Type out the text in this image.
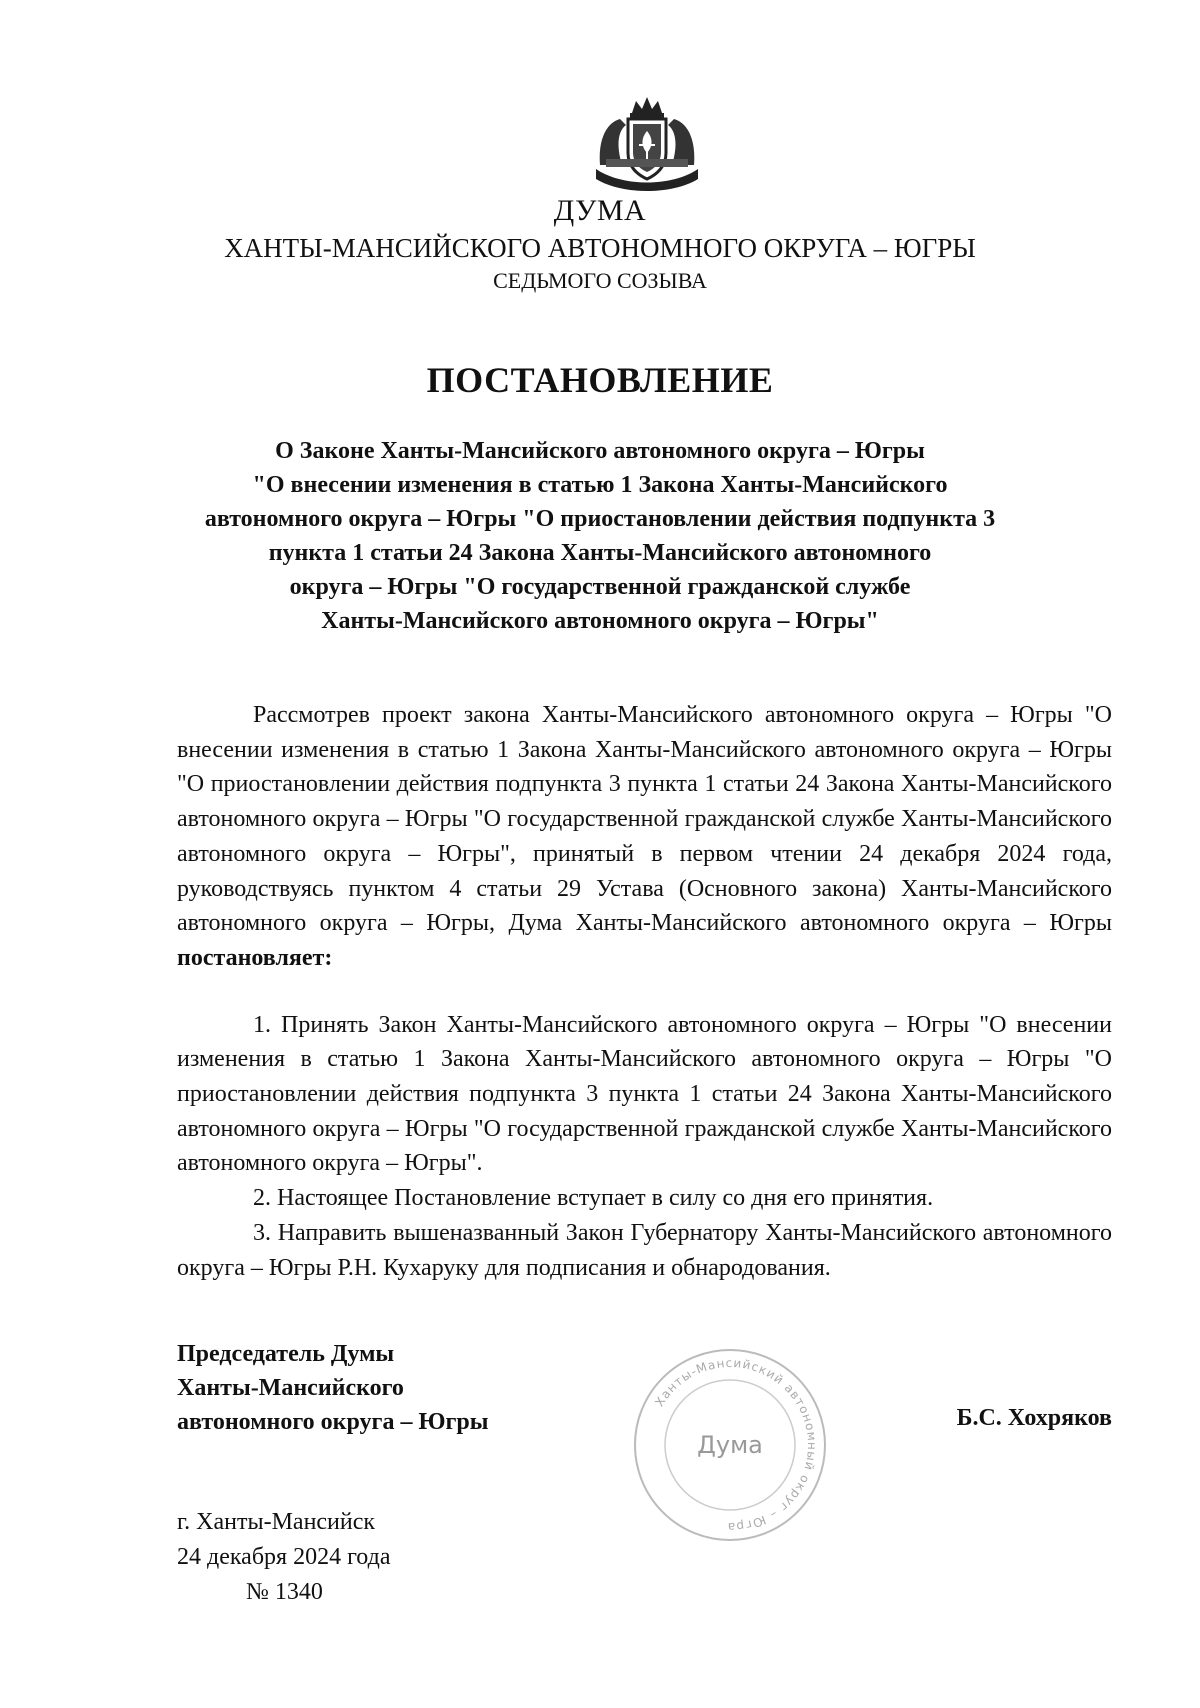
ДУМА
ХАНТЫ-МАНСИЙСКОГО АВТОНОМНОГО ОКРУГА – ЮГРЫ
СЕДЬМОГО СОЗЫВА
ПОСТАНОВЛЕНИЕ
О Законе Ханты-Мансийского автономного округа – Югры
"О внесении изменения в статью 1 Закона Ханты-Мансийского
автономного округа – Югры "О приостановлении действия подпункта 3
пункта 1 статьи 24 Закона Ханты-Мансийского автономного
округа – Югры "О государственной гражданской службе
Ханты-Мансийского автономного округа – Югры"

Рассмотрев проект закона Ханты-Мансийского автономного округа – Югры "О внесении изменения в статью 1 Закона Ханты-Мансийского автономного округа – Югры "О приостановлении действия подпункта 3 пункта 1 статьи 24 Закона Ханты-Мансийского автономного округа – Югры "О государственной гражданской службе Ханты-Мансийского автономного округа – Югры", принятый в первом чтении 24 декабря 2024 года, руководствуясь пунктом 4 статьи 29 Устава (Основного закона) Ханты-Мансийского автономного округа – Югры, Дума Ханты-Мансийского автономного округа – Югры постановляет:

1. Принять Закон Ханты-Мансийского автономного округа – Югры "О внесении изменения в статью 1 Закона Ханты-Мансийского автономного округа – Югры "О приостановлении действия подпункта 3 пункта 1 статьи 24 Закона Ханты-Мансийского автономного округа – Югры "О государственной гражданской службе Ханты-Мансийского автономного округа – Югры".

2. Настоящее Постановление вступает в силу со дня его принятия.

3. Направить вышеназванный Закон Губернатору Ханты-Мансийского автономного округа – Югры Р.Н. Кухаруку для подписания и обнародования.

Председатель Думы
Ханты-Мансийского
автономного округа – Югры
Ханты-Мансийский автономный округ – Югра
Дума
Б.С. Хохряков
г. Ханты-Мансийск
24 декабря 2024 года
№ 1340
